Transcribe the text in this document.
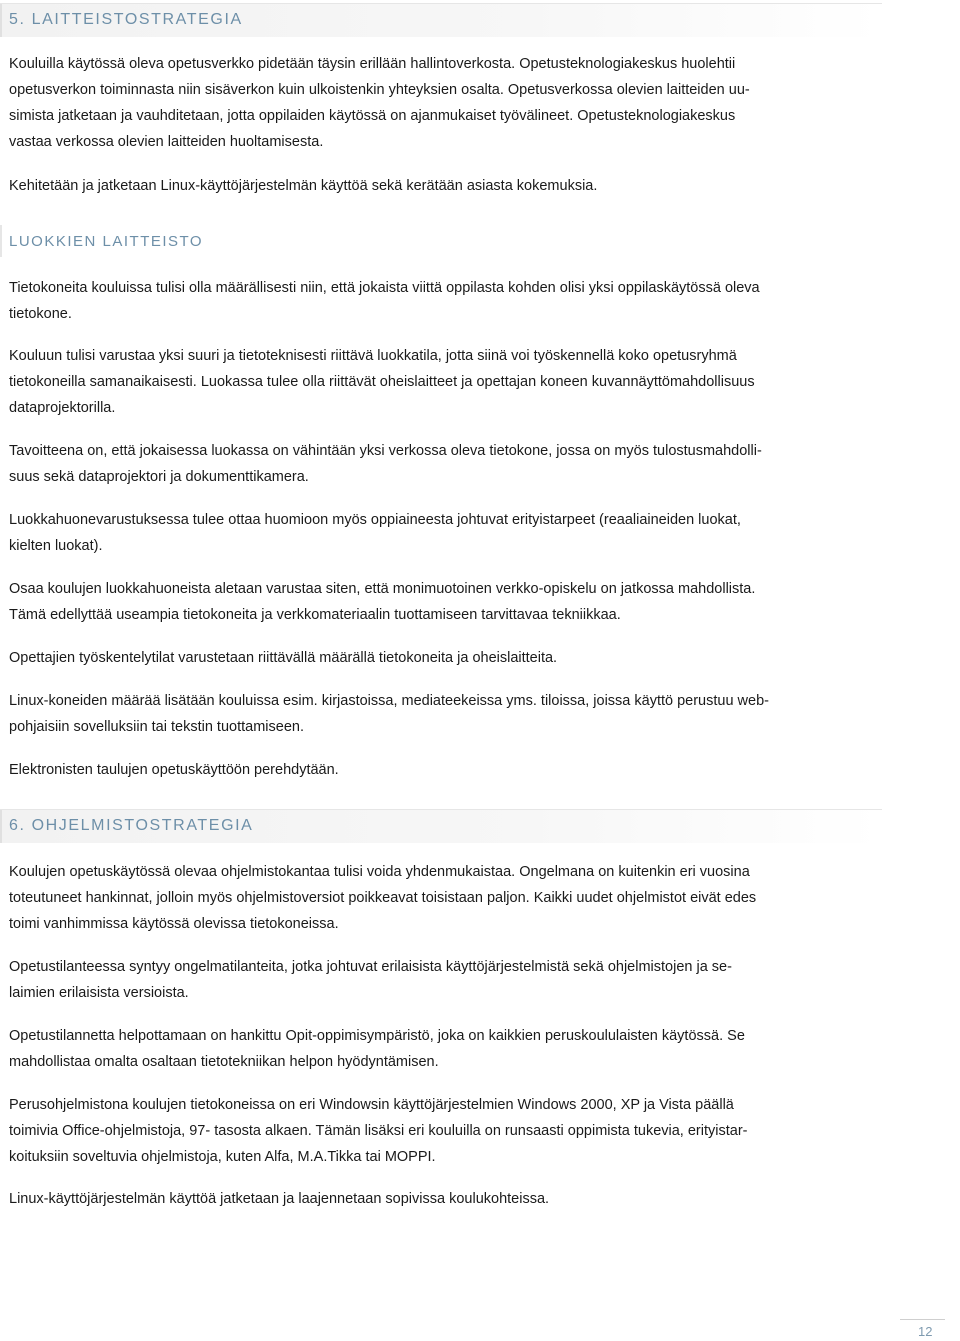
5. LAITTEISTOSTRATEGIA
Kouluilla käytössä oleva opetusverkko pidetään täysin erillään hallintoverkosta. Opetusteknologiakeskus huolehtii
opetusverkon toiminnasta niin sisäverkon kuin ulkoistenkin yhteyksien osalta. Opetusverkossa olevien laitteiden uu-
simista jatketaan ja vauhditetaan, jotta oppilaiden käytössä on ajanmukaiset työvälineet. Opetusteknologiakeskus
vastaa verkossa olevien laitteiden huoltamisesta.
Kehitetään ja jatketaan Linux-käyttöjärjestelmän käyttöä sekä kerätään asiasta kokemuksia.
LUOKKIEN LAITTEISTO
Tietokoneita kouluissa tulisi olla määrällisesti niin, että jokaista viittä oppilasta kohden olisi yksi oppilaskäytössä oleva
tietokone.
Kouluun tulisi varustaa yksi suuri ja tietoteknisesti riittävä luokkatila, jotta siinä voi työskennellä koko opetusryhmä
tietokoneilla samanaikaisesti. Luokassa tulee olla riittävät oheislaitteet ja opettajan koneen kuvannäyttömahdollisuus
dataprojektorilla.
Tavoitteena on, että jokaisessa luokassa on vähintään yksi verkossa oleva tietokone, jossa on myös tulostusmahdolli-
suus sekä dataprojektori ja dokumenttikamera.
Luokkahuonevarustuksessa tulee ottaa huomioon myös oppiaineesta johtuvat erityistarpeet (reaaliaineiden luokat,
kielten luokat).
Osaa koulujen luokkahuoneista aletaan varustaa siten, että monimuotoinen verkko-opiskelu on jatkossa mahdollista.
Tämä edellyttää useampia tietokoneita ja verkkomateriaalin tuottamiseen tarvittavaa tekniikkaa.
Opettajien työskentelytilat varustetaan riittävällä määrällä tietokoneita ja oheislaitteita.
Linux-koneiden määrää lisätään kouluissa esim. kirjastoissa, mediateekeissa yms. tiloissa, joissa käyttö perustuu web-
pohjaisiin sovelluksiin tai tekstin tuottamiseen.
Elektronisten taulujen opetuskäyttöön perehdytään.
6. OHJELMISTOSTRATEGIA
Koulujen opetuskäytössä olevaa ohjelmistokantaa tulisi voida yhdenmukaistaa. Ongelmana on kuitenkin eri vuosina
toteutuneet hankinnat, jolloin myös ohjelmistoversiot poikkeavat toisistaan paljon. Kaikki uudet ohjelmistot eivät edes
toimi vanhimmissa käytössä olevissa tietokoneissa.
Opetustilanteessa syntyy ongelmatilanteita, jotka johtuvat erilaisista käyttöjärjestelmistä sekä ohjelmistojen ja se-
laimien erilaisista versioista.
Opetustilannetta helpottamaan on hankittu Opit-oppimisympäristö, joka on kaikkien peruskoululaisten käytössä. Se
mahdollistaa omalta osaltaan tietotekniikan helpon hyödyntämisen.
Perusohjelmistona koulujen tietokoneissa on eri Windowsin käyttöjärjestelmien Windows 2000, XP ja Vista päällä
toimivia Office-ohjelmistoja, 97- tasosta alkaen. Tämän lisäksi eri kouluilla on runsaasti oppimista tukevia, erityistar-
koituksiin soveltuvia ohjelmistoja, kuten Alfa, M.A.Tikka tai MOPPI.
Linux-käyttöjärjestelmän käyttöä jatketaan ja laajennetaan sopivissa koulukohteissa.
12
